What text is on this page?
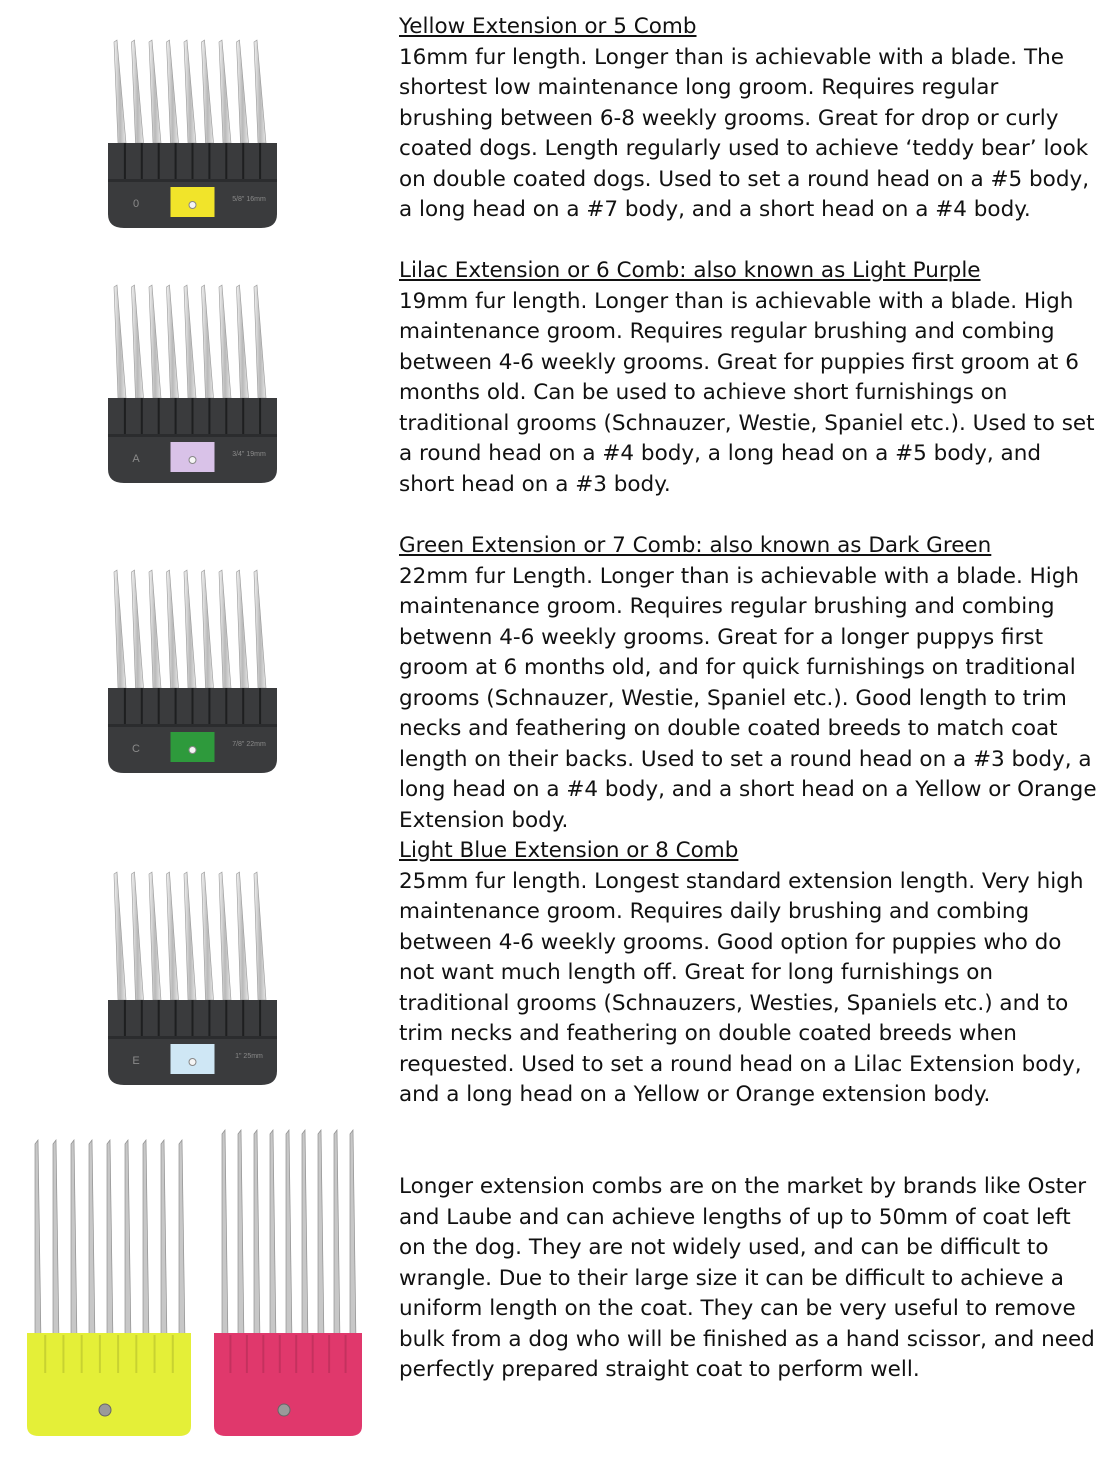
0	5/8" 16mm

Yellow Extension or 5 Comb

16mm fur length. Longer than is achievable with a blade. The shortest low maintenance long groom. Requires regular brushing between 6-8 weekly grooms. Great for drop or curly coated dogs. Length regularly used to achieve ‘teddy bear’ look on double coated dogs. Used to set a round head on a #5 body, a long head on a #7 body, and a short head on a #4 body.

A	3/4" 19mm

Lilac Extension or 6 Comb: also known as Light Purple

19mm fur length. Longer than is achievable with a blade. High maintenance groom. Requires regular brushing and combing between 4-6 weekly grooms. Great for puppies first groom at 6 months old. Can be used to achieve short furnishings on traditional grooms (Schnauzer, Westie, Spaniel etc.). Used to set a round head on a #4 body, a long head on a #5 body, and short head on a #3 body.

C	7/8" 22mm

Green Extension or 7 Comb: also known as Dark Green

22mm fur Length. Longer than is achievable with a blade. High maintenance groom. Requires regular brushing and combing betwenn 4-6 weekly grooms. Great for a longer puppys first groom at 6 months old, and for quick furnishings on traditional grooms (Schnauzer, Westie, Spaniel etc.). Good length to trim necks and feathering on double coated breeds to match coat length on their backs. Used to set a round head on a #3 body, a long head on a #4 body, and a short head on a Yellow or Orange Extension body.

E	1" 25mm

Light Blue Extension or 8 Comb

25mm fur length. Longest standard extension length. Very high maintenance groom. Requires daily brushing and combing between 4-6 weekly grooms. Good option for puppies who do not want much length off. Great for long furnishings on traditional grooms (Schnauzers, Westies, Spaniels etc.) and to trim necks and feathering on double coated breeds when requested. Used to set a round head on a Lilac Extension body, and a long head on a Yellow or Orange extension body.

Longer extension combs are on the market by brands like Oster and Laube and can achieve lengths of up to 50mm of coat left on the dog. They are not widely used, and can be difficult to wrangle. Due to their large size it can be difficult to achieve a uniform length on the coat. They can be very useful to remove bulk from a dog who will be finished as a hand scissor, and need perfectly prepared straight coat to perform well.
